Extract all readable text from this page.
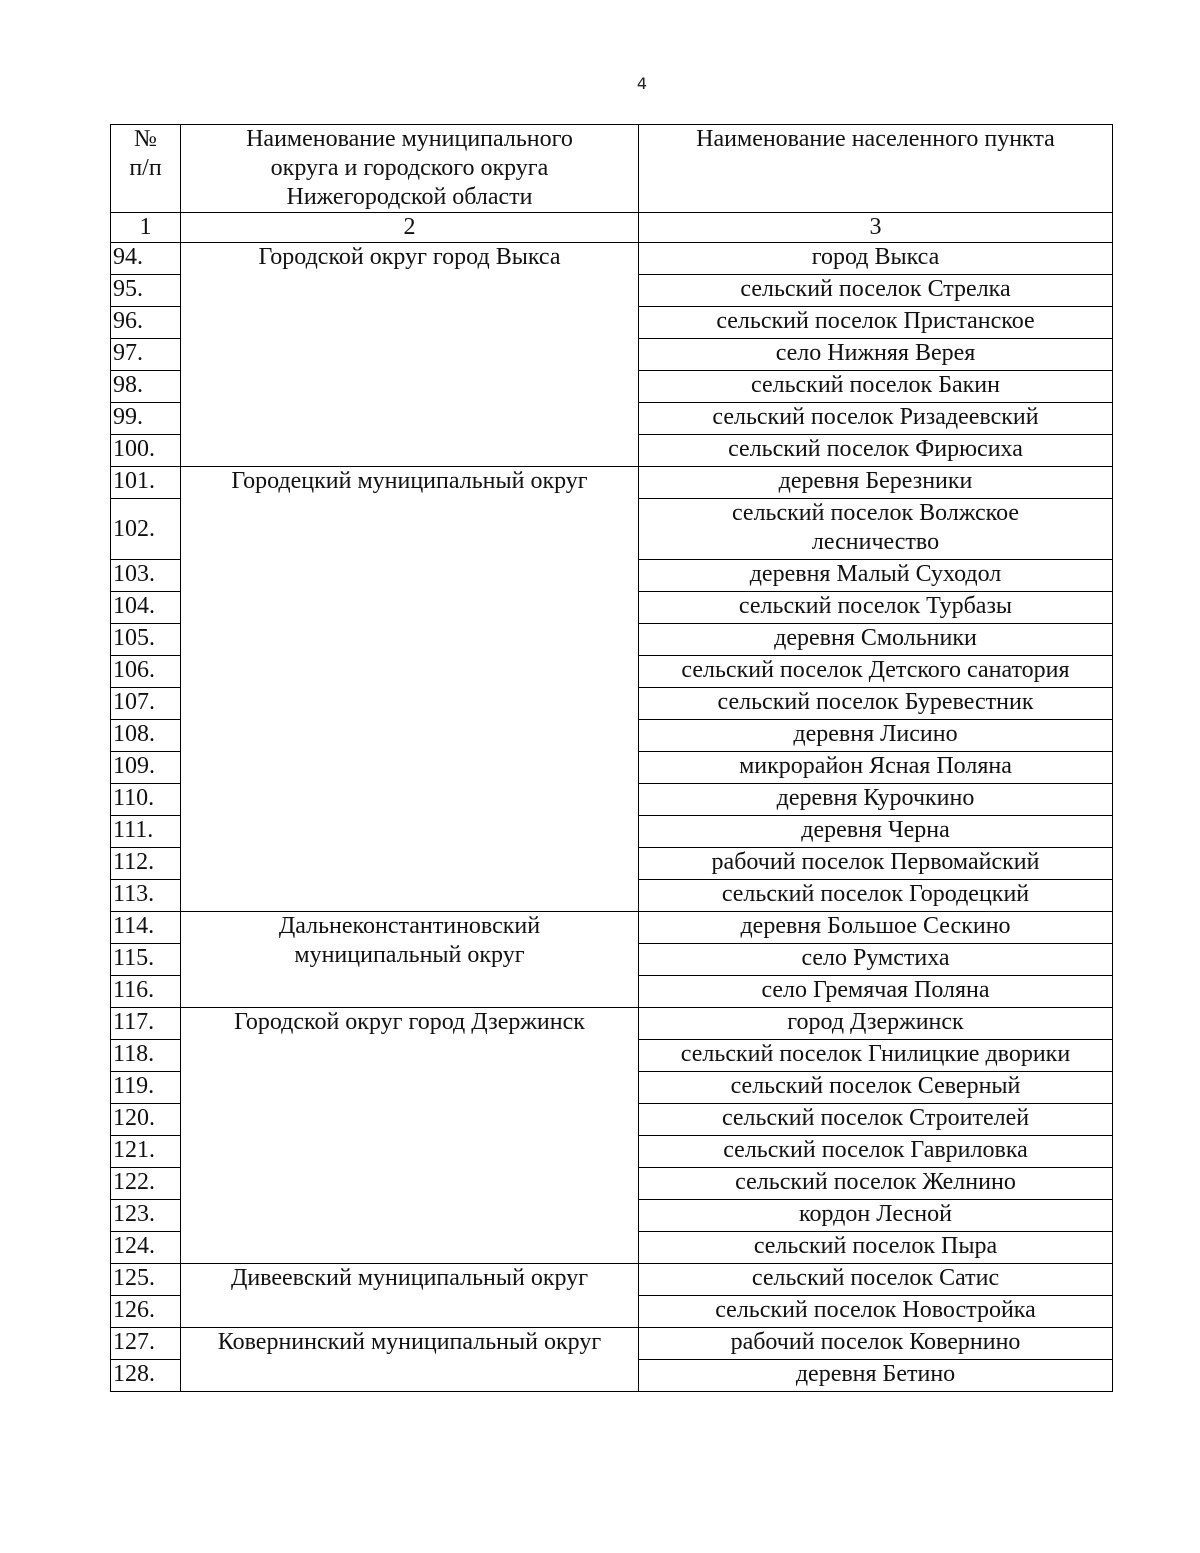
4
№
п/п	Наименование муниципального
округа и городского округа
Нижегородской области	Наименование населенного пункта
1	2	3
94.	Городской округ город Выкса	город Выкса
95.		сельский поселок Стрелка
96.		сельский поселок Пристанское
97.		село Нижняя Верея
98.		сельский поселок Бакин
99.		сельский поселок Ризадеевский
100.		сельский поселок Фирюсиха
101.	Городецкий муниципальный округ	деревня Березники
102.		сельский поселок Волжское
лесничество
103.		деревня Малый Суходол
104.		сельский поселок Турбазы
105.		деревня Смольники
106.		сельский поселок Детского санатория
107.		сельский поселок Буревестник
108.		деревня Лисино
109.		микрорайон Ясная Поляна
110.		деревня Курочкино
111.		деревня Черна
112.		рабочий поселок Первомайский
113.		сельский поселок Городецкий
114.	Дальнеконстантиновский
муниципальный округ	деревня Большое Сескино
115.		село Румстиха
116.		село Гремячая Поляна
117.	Городской округ город Дзержинск	город Дзержинск
118.		сельский поселок Гнилицкие дворики
119.		сельский поселок Северный
120.		сельский поселок Строителей
121.		сельский поселок Гавриловка
122.		сельский поселок Желнино
123.		кордон Лесной
124.		сельский поселок Пыра
125.	Дивеевский муниципальный округ	сельский поселок Сатис
126.		сельский поселок Новостройка
127.	Ковернинский муниципальный округ	рабочий поселок Ковернино
128.		деревня Бетино
